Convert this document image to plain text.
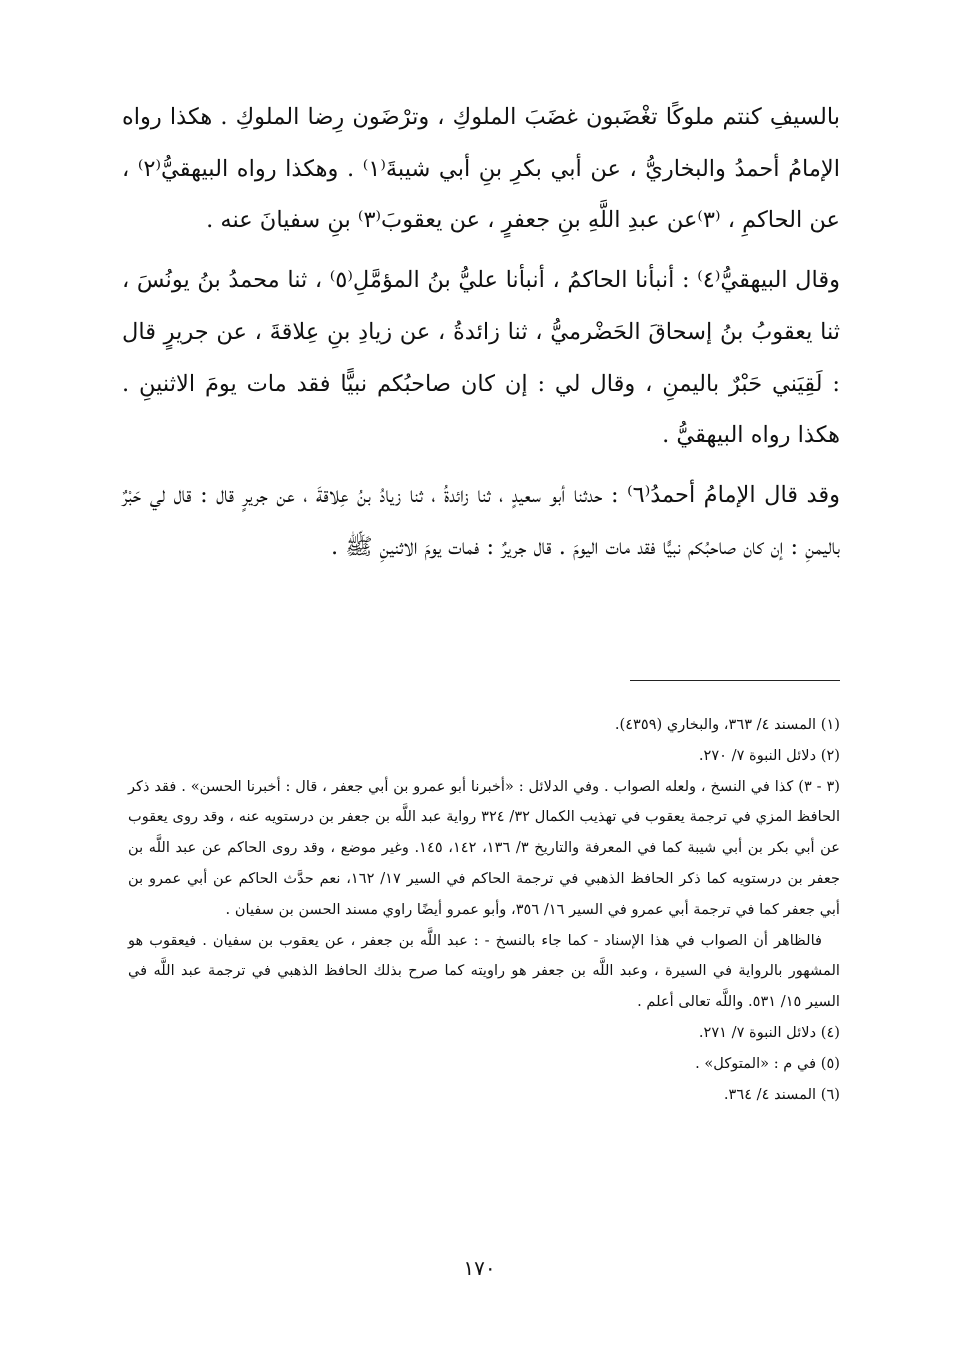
بالسيفِ كنتم ملوكًا تغْضَبون غضَبَ الملوكِ ، وترْضَون رِضا الملوكِ . هكذا رواه الإمامُ أحمدُ والبخاريُّ ، عن أبي بكرِ بنِ أبي شيبةَ⁽١⁾ . وهكذا رواه البيهقيُّ⁽٢⁾ ، عن الحاكمِ ، ⁽٣⁾عن عبدِ اللَّهِ بنِ جعفرٍ ، عن يعقوبَ⁽٣⁾ بنِ سفيانَ عنه .

وقال البيهقيُّ⁽٤⁾ : أنبأنا الحاكمُ ، أنبأنا عليُّ بنُ المؤمَّلِ⁽٥⁾ ، ثنا محمدُ بنُ يونُسَ ، ثنا يعقوبُ بنُ إسحاقَ الحَضْرميُّ ، ثنا زائدةُ ، عن زيادِ بنِ عِلاقةَ ، عن جريرٍ قال : لَقِيَني حَبْرٌ باليمنِ ، وقال لي : إن كان صاحبُكم نبيًّا فقد مات يومَ الاثنينِ . هكذا رواه البيهقيُّ .

وقد قال الإمامُ أحمدُ⁽٦⁾ : حدثنا أبو سعيدٍ ، ثنا زائدةُ ، ثنا زيادُ بنُ عِلاقةَ ، عن جريرٍ قال : قال لي حَبْرٌ باليمنِ : إن كان صاحبُكم نبيًّا فقد مات اليومَ . قال جريرٌ : فمات يومَ الاثنينِ ﷺ .

(١) المسند ٤/ ٣٦٣، والبخاري (٤٣٥٩).

(٢) دلائل النبوة ٧/ ٢٧٠.

(٣ - ٣) كذا في النسخ ، ولعله الصواب . وفي الدلائل : «أخبرنا أبو عمرو بن أبي جعفر ، قال : أخبرنا الحسن» . فقد ذكر الحافظ المزي في ترجمة يعقوب في تهذيب الكمال ٣٢/ ٣٢٤ رواية عبد اللَّه بن جعفر بن درستويه عنه ، وقد روى يعقوب عن أبي بكر بن أبي شيبة كما في المعرفة والتاريخ ٣/ ١٣٦، ١٤٢، ١٤٥. وغير موضع ، وقد روى الحاكم عن عبد اللَّه بن جعفر بن درستويه كما ذكر الحافظ الذهبي في ترجمة الحاكم في السير ١٧/ ١٦٢، نعم حدَّث الحاكم عن أبي عمرو بن أبي جعفر كما في ترجمة أبي عمرو في السير ١٦/ ٣٥٦، وأبو عمرو أيضًا راوي مسند الحسن بن سفيان .

فالظاهر أن الصواب في هذا الإسناد - كما جاء بالنسخ - : عبد اللَّه بن جعفر ، عن يعقوب بن سفيان . فيعقوب هو المشهور بالرواية في السيرة ، وعبد اللَّه بن جعفر هو راويته كما صرح بذلك الحافظ الذهبي في ترجمة عبد اللَّه في السير ١٥/ ٥٣١. واللَّه تعالى أعلم .

(٤) دلائل النبوة ٧/ ٢٧١.

(٥) في م : «المتوكل» .

(٦) المسند ٤/ ٣٦٤.

١٧٠
